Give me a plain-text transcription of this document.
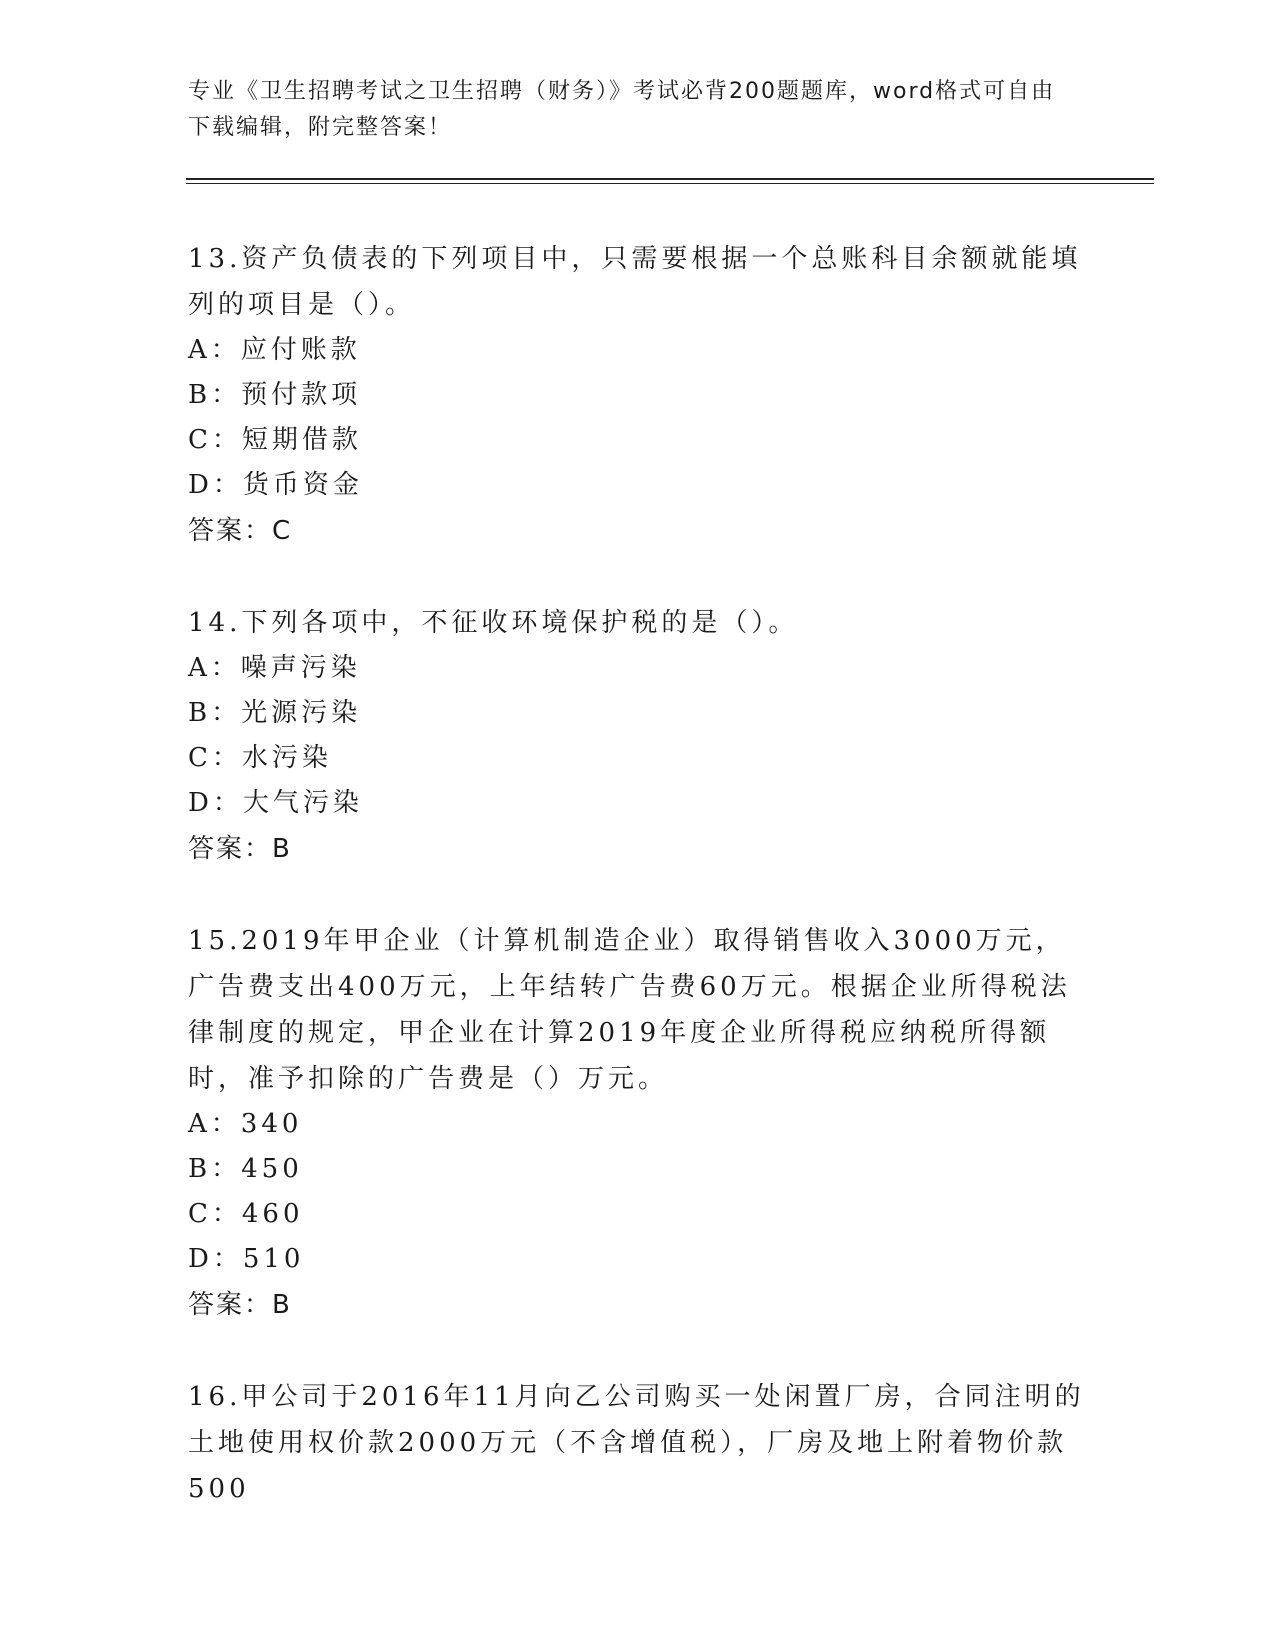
专业《卫生招聘考试之卫生招聘（财务）》考试必背200题题库，word格式可自由下载编辑，附完整答案！
13.资产负债表的下列项目中，只需要根据一个总账科目余额就能填列的项目是（）。
A：应付账款
B：预付款项
C：短期借款
D：货币资金
答案：C
14.下列各项中，不征收环境保护税的是（）。
A：噪声污染
B：光源污染
C：水污染
D：大气污染
答案：B
15.2019年甲企业（计算机制造企业）取得销售收入3000万元，广告费支出400万元，上年结转广告费60万元。根据企业所得税法律制度的规定，甲企业在计算2019年度企业所得税应纳税所得额时，准予扣除的广告费是（）万元。
A：340
B：450
C：460
D：510
答案：B
16.甲公司于2016年11月向乙公司购买一处闲置厂房，合同注明的土地使用权价款2000万元（不含增值税），厂房及地上附着物价款500
